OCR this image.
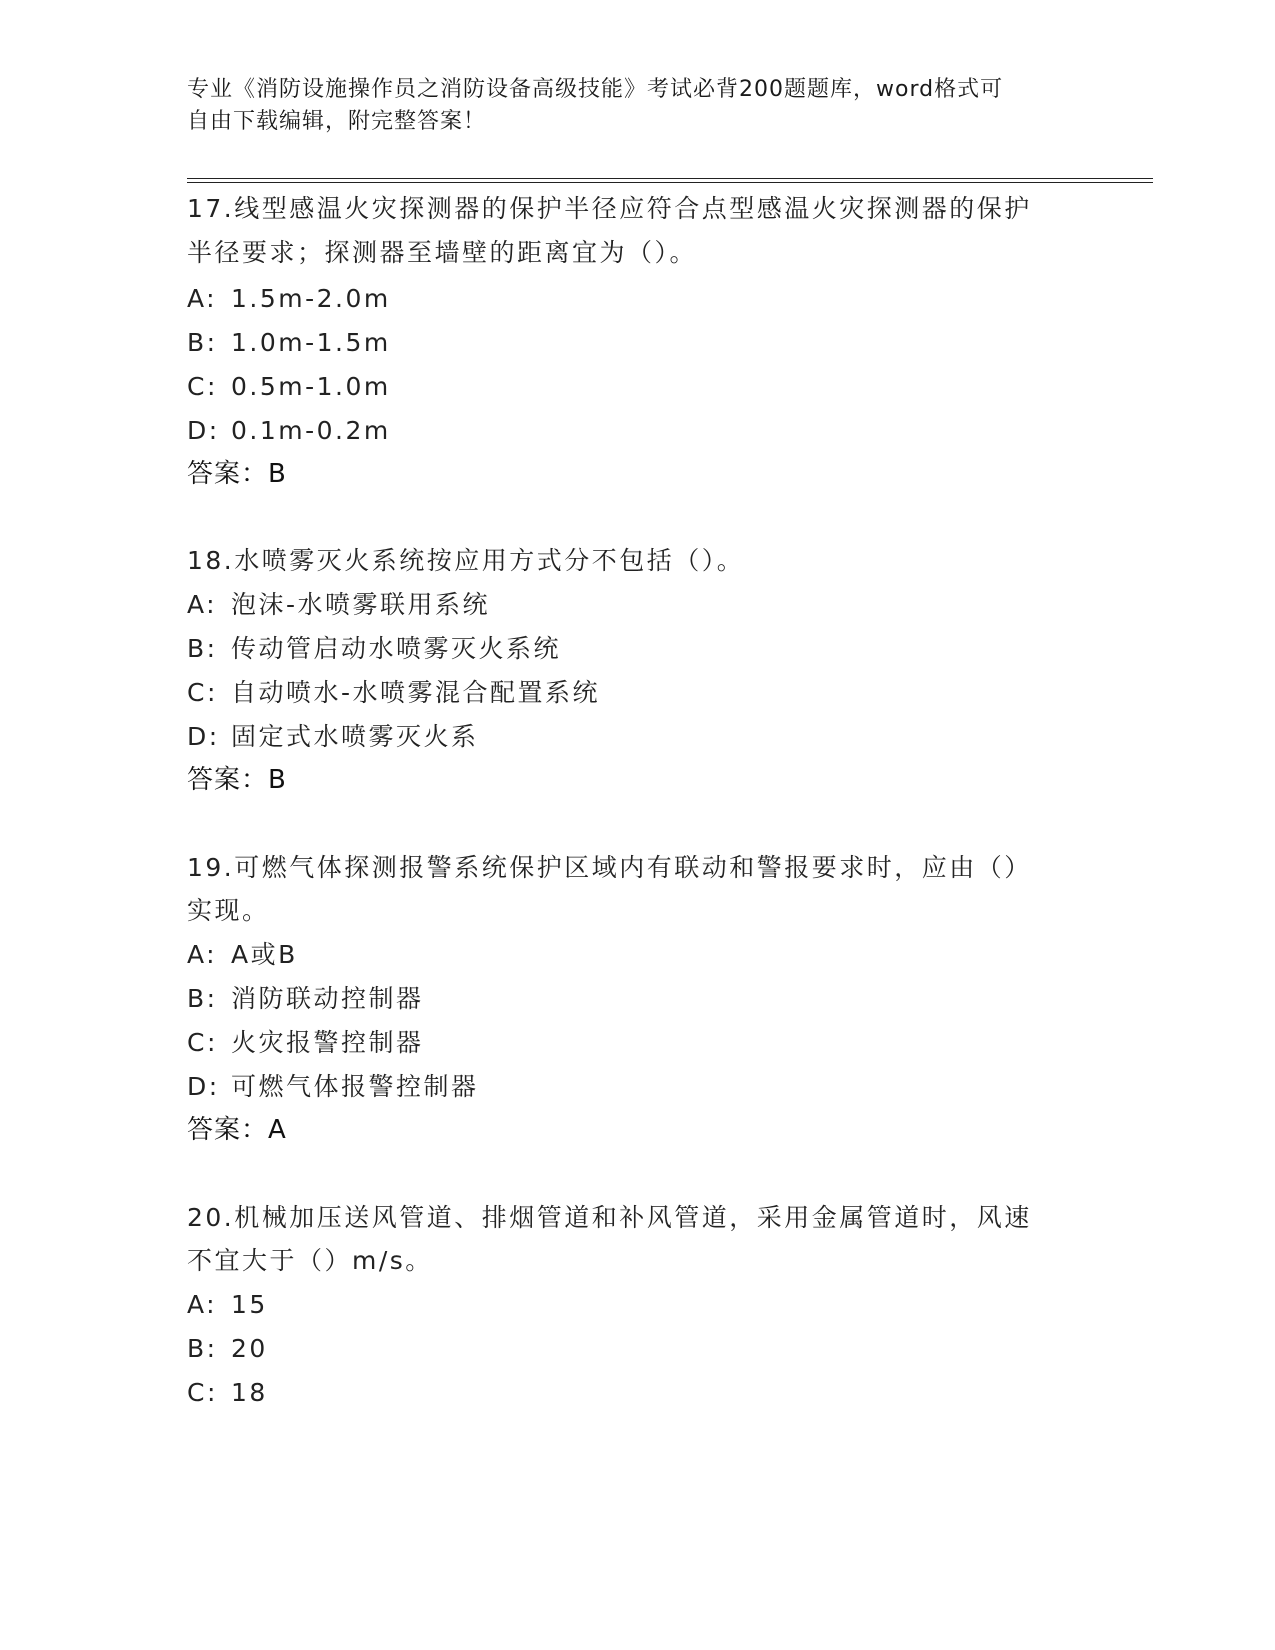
专业《消防设施操作员之消防设备高级技能》考试必背200题题库，word格式可
自由下载编辑，附完整答案！
17.线型感温火灾探测器的保护半径应符合点型感温火灾探测器的保护
半径要求；探测器至墙壁的距离宜为（）。
A: 1.5m-2.0m
B: 1.0m-1.5m
C: 0.5m-1.0m
D: 0.1m-0.2m
答案：B
18.水喷雾灭火系统按应用方式分不包括（）。
A: 泡沫-水喷雾联用系统
B: 传动管启动水喷雾灭火系统
C: 自动喷水-水喷雾混合配置系统
D: 固定式水喷雾灭火系
答案：B
19.可燃气体探测报警系统保护区域内有联动和警报要求时，应由（）
实现。
A: A或B
B: 消防联动控制器
C: 火灾报警控制器
D: 可燃气体报警控制器
答案：A
20.机械加压送风管道、排烟管道和补风管道，采用金属管道时，风速
不宜大于（）m/s。
A: 15
B: 20
C: 18
